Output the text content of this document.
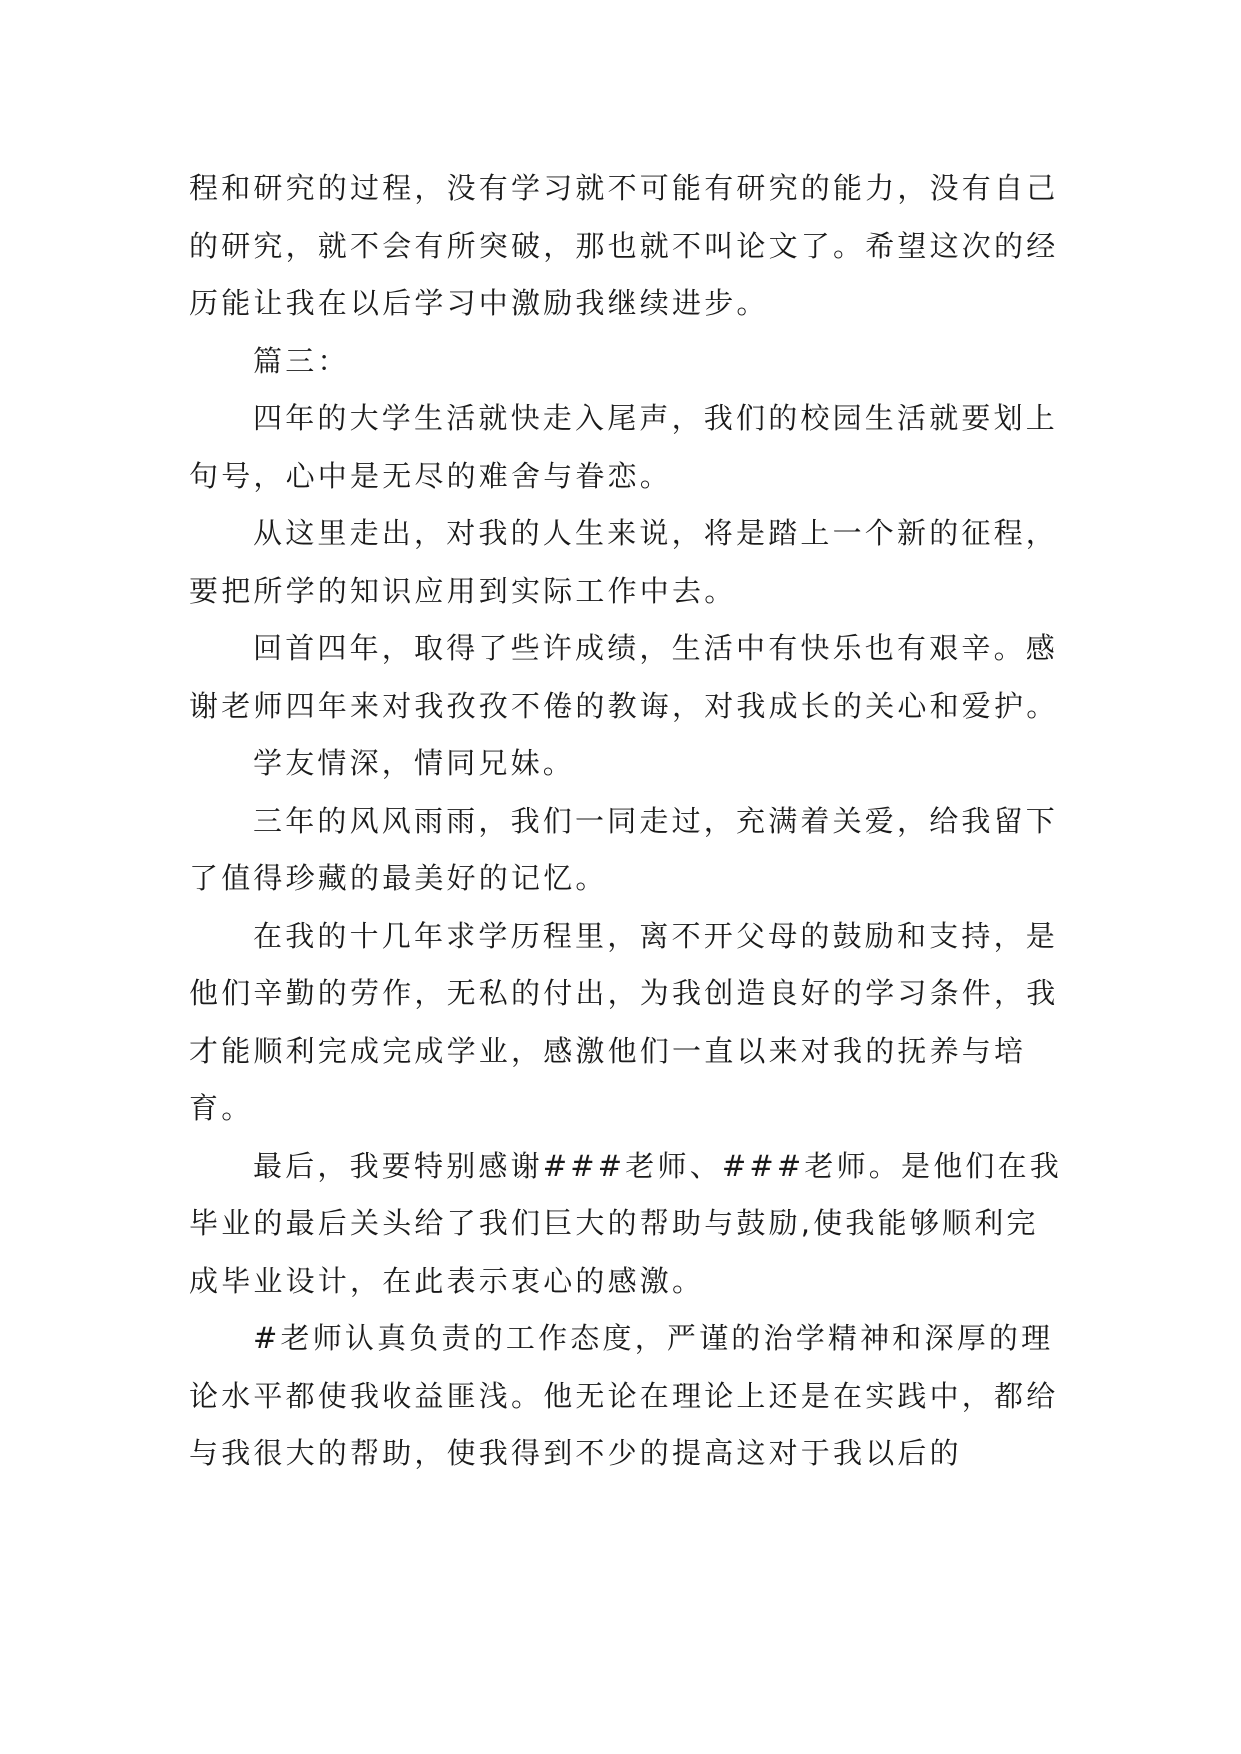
程和研究的过程，没有学习就不可能有研究的能力，没有自己的研究，就不会有所突破，那也就不叫论文了。希望这次的经历能让我在以后学习中激励我继续进步。

篇三：

四年的大学生活就快走入尾声，我们的校园生活就要划上句号，心中是无尽的难舍与眷恋。

从这里走出，对我的人生来说，将是踏上一个新的征程，要把所学的知识应用到实际工作中去。

回首四年，取得了些许成绩，生活中有快乐也有艰辛。感谢老师四年来对我孜孜不倦的教诲，对我成长的关心和爱护。

学友情深，情同兄妹。

三年的风风雨雨，我们一同走过，充满着关爱，给我留下了值得珍藏的最美好的记忆。

在我的十几年求学历程里，离不开父母的鼓励和支持，是他们辛勤的劳作，无私的付出，为我创造良好的学习条件，我才能顺利完成完成学业，感激他们一直以来对我的抚养与培育。

最后，我要特别感谢###老师、###老师。是他们在我毕业的最后关头给了我们巨大的帮助与鼓励,使我能够顺利完成毕业设计，在此表示衷心的感激。

#老师认真负责的工作态度，严谨的治学精神和深厚的理论水平都使我收益匪浅。他无论在理论上还是在实践中，都给与我很大的帮助，使我得到不少的提高这对于我以后的
